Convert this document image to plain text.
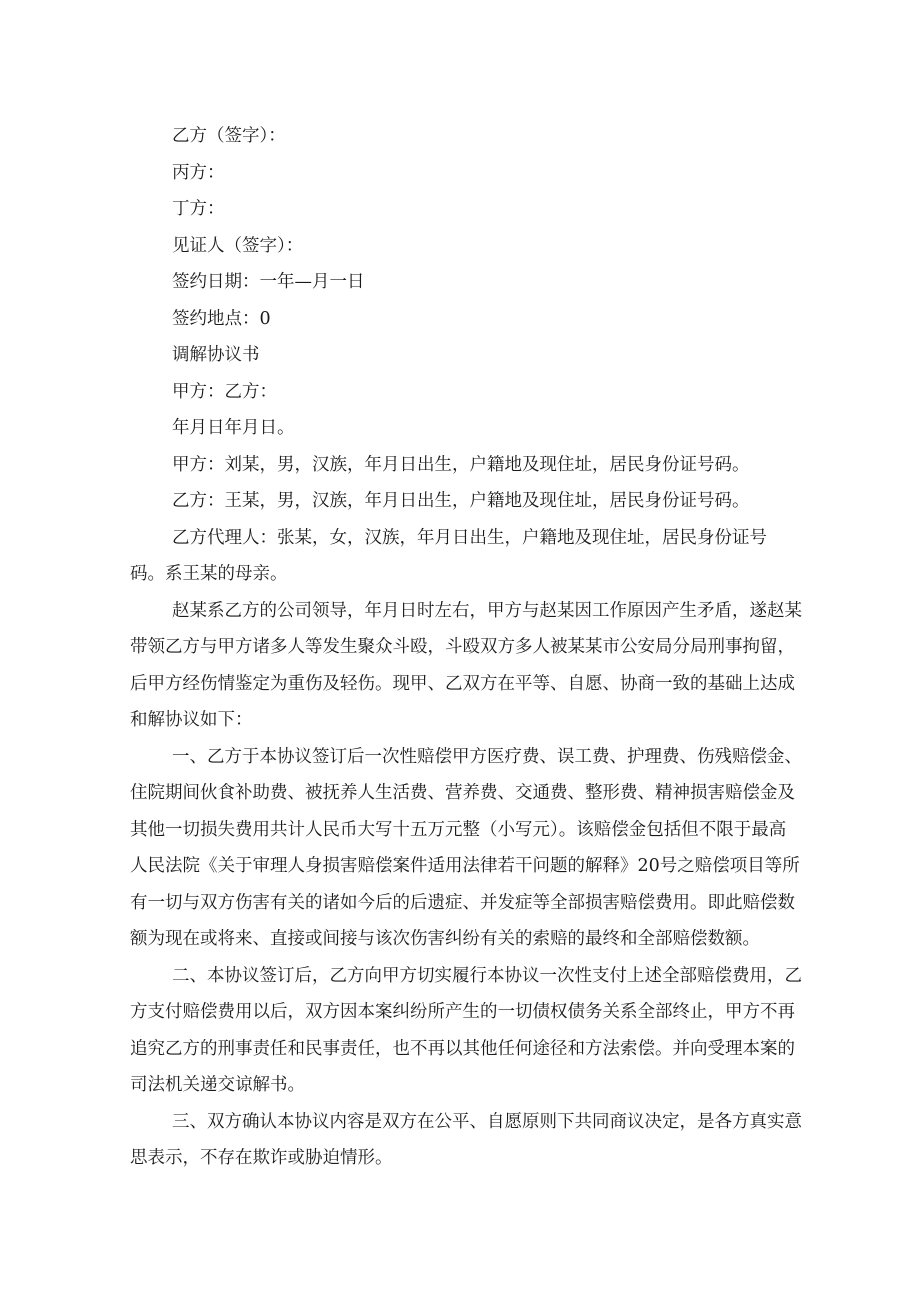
乙方（签字）：
丙方：
丁方：
见证人（签字）：
签约日期：一年—月一日
签约地点：0
调解协议书
甲方：乙方：
年月日年月日。
甲方：刘某，男，汉族，年月日出生，户籍地及现住址，居民身份证号码。
乙方：王某，男，汉族，年月日出生，户籍地及现住址，居民身份证号码。
乙方代理人：张某，女，汉族，年月日出生，户籍地及现住址，居民身份证号
码。系王某的母亲。
赵某系乙方的公司领导，年月日时左右，甲方与赵某因工作原因产生矛盾，遂赵某
带领乙方与甲方诸多人等发生聚众斗殴，斗殴双方多人被某某市公安局分局刑事拘留，
后甲方经伤情鉴定为重伤及轻伤。现甲、乙双方在平等、自愿、协商一致的基础上达成
和解协议如下：
一、乙方于本协议签订后一次性赔偿甲方医疗费、误工费、护理费、伤残赔偿金、
住院期间伙食补助费、被抚养人生活费、营养费、交通费、整形费、精神损害赔偿金及
其他一切损失费用共计人民币大写十五万元整（小写元）。该赔偿金包括但不限于最高
人民法院《关于审理人身损害赔偿案件适用法律若干问题的解释》20号之赔偿项目等所
有一切与双方伤害有关的诸如今后的后遗症、并发症等全部损害赔偿费用。即此赔偿数
额为现在或将来、直接或间接与该次伤害纠纷有关的索赔的最终和全部赔偿数额。
二、本协议签订后，乙方向甲方切实履行本协议一次性支付上述全部赔偿费用，乙
方支付赔偿费用以后，双方因本案纠纷所产生的一切债权债务关系全部终止，甲方不再
追究乙方的刑事责任和民事责任，也不再以其他任何途径和方法索偿。并向受理本案的
司法机关递交谅解书。
三、双方确认本协议内容是双方在公平、自愿原则下共同商议决定，是各方真实意
思表示，不存在欺诈或胁迫情形。
